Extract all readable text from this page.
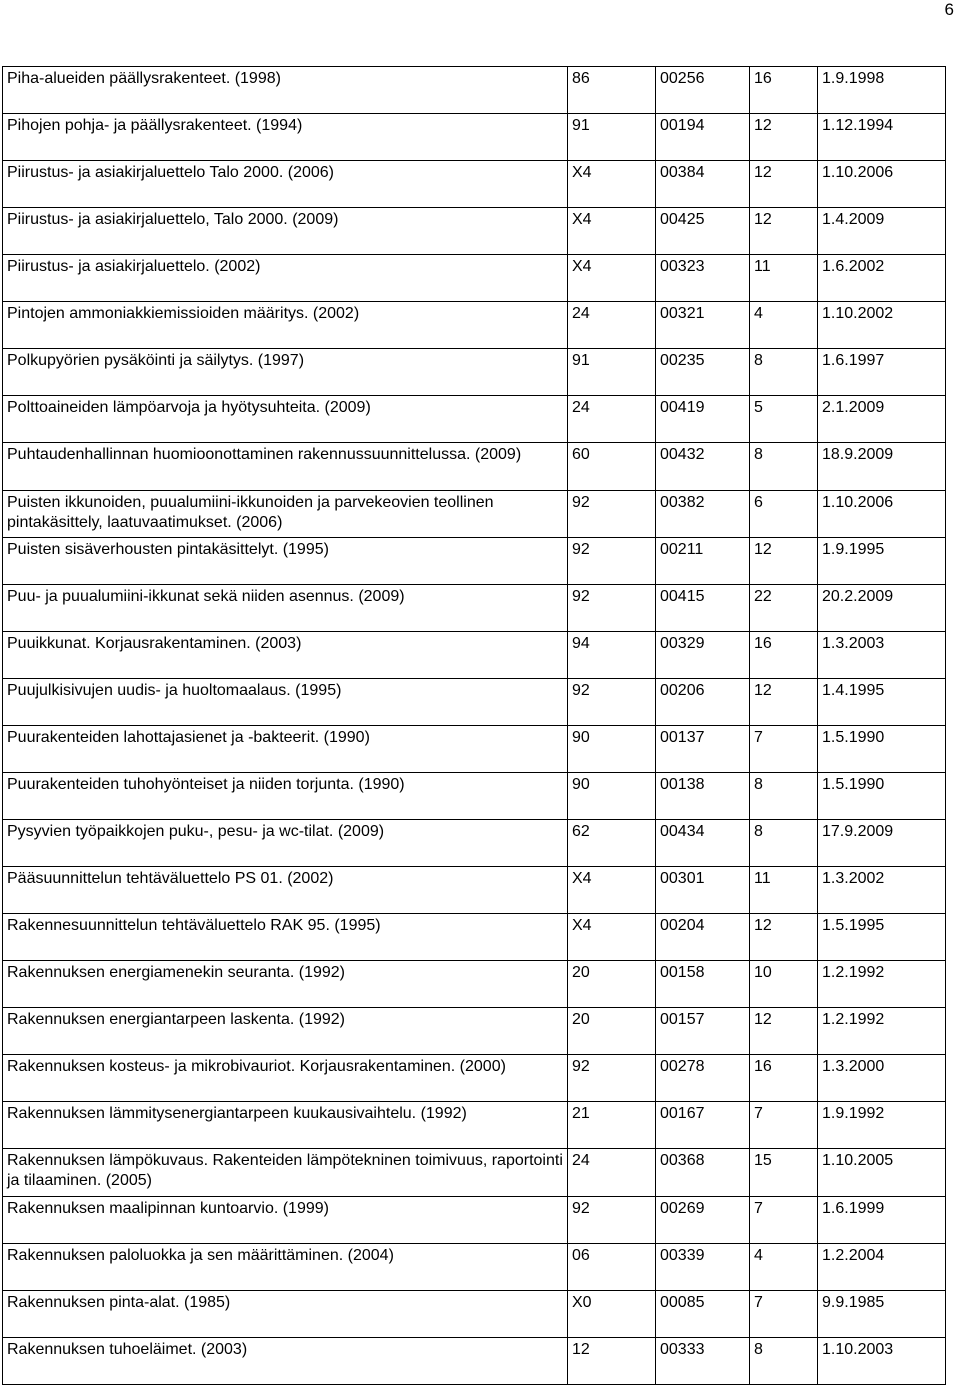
6
Piha-alueiden päällysrakenteet. (1998)	86	00256	16	1.9.1998
Pihojen pohja- ja päällysrakenteet. (1994)	91	00194	12	1.12.1994
Piirustus- ja asiakirjaluettelo Talo 2000. (2006)	X4	00384	12	1.10.2006
Piirustus- ja asiakirjaluettelo, Talo 2000. (2009)	X4	00425	12	1.4.2009
Piirustus- ja asiakirjaluettelo. (2002)	X4	00323	11	1.6.2002
Pintojen ammoniakkiemissioiden määritys. (2002)	24	00321	4	1.10.2002
Polkupyörien pysäköinti ja säilytys. (1997)	91	00235	8	1.6.1997
Polttoaineiden lämpöarvoja ja hyötysuhteita. (2009)	24	00419	5	2.1.2009
Puhtaudenhallinnan huomioonottaminen rakennussuunnittelussa. (2009)	60	00432	8	18.9.2009
Puisten ikkunoiden, puualumiini-ikkunoiden ja parvekeovien teollinen pintakäsittely, laatuvaatimukset. (2006)	92	00382	6	1.10.2006
Puisten sisäverhousten pintakäsittelyt. (1995)	92	00211	12	1.9.1995
Puu- ja puualumiini-ikkunat sekä niiden asennus. (2009)	92	00415	22	20.2.2009
Puuikkunat. Korjausrakentaminen. (2003)	94	00329	16	1.3.2003
Puujulkisivujen uudis- ja huoltomaalaus. (1995)	92	00206	12	1.4.1995
Puurakenteiden lahottajasienet ja -bakteerit. (1990)	90	00137	7	1.5.1990
Puurakenteiden tuhohyönteiset ja niiden torjunta. (1990)	90	00138	8	1.5.1990
Pysyvien työpaikkojen puku-, pesu- ja wc-tilat. (2009)	62	00434	8	17.9.2009
Pääsuunnittelun tehtäväluettelo PS 01. (2002)	X4	00301	11	1.3.2002
Rakennesuunnittelun tehtäväluettelo RAK 95. (1995)	X4	00204	12	1.5.1995
Rakennuksen energiamenekin seuranta. (1992)	20	00158	10	1.2.1992
Rakennuksen energiantarpeen laskenta. (1992)	20	00157	12	1.2.1992
Rakennuksen kosteus- ja mikrobivauriot. Korjausrakentaminen. (2000)	92	00278	16	1.3.2000
Rakennuksen lämmitysenergiantarpeen kuukausivaihtelu. (1992)	21	00167	7	1.9.1992
Rakennuksen lämpökuvaus. Rakenteiden lämpötekninen toimivuus, raportointi ja tilaaminen. (2005)	24	00368	15	1.10.2005
Rakennuksen maalipinnan kuntoarvio. (1999)	92	00269	7	1.6.1999
Rakennuksen paloluokka ja sen määrittäminen. (2004)	06	00339	4	1.2.2004
Rakennuksen pinta-alat. (1985)	X0	00085	7	9.9.1985
Rakennuksen tuhoeläimet. (2003)	12	00333	8	1.10.2003
